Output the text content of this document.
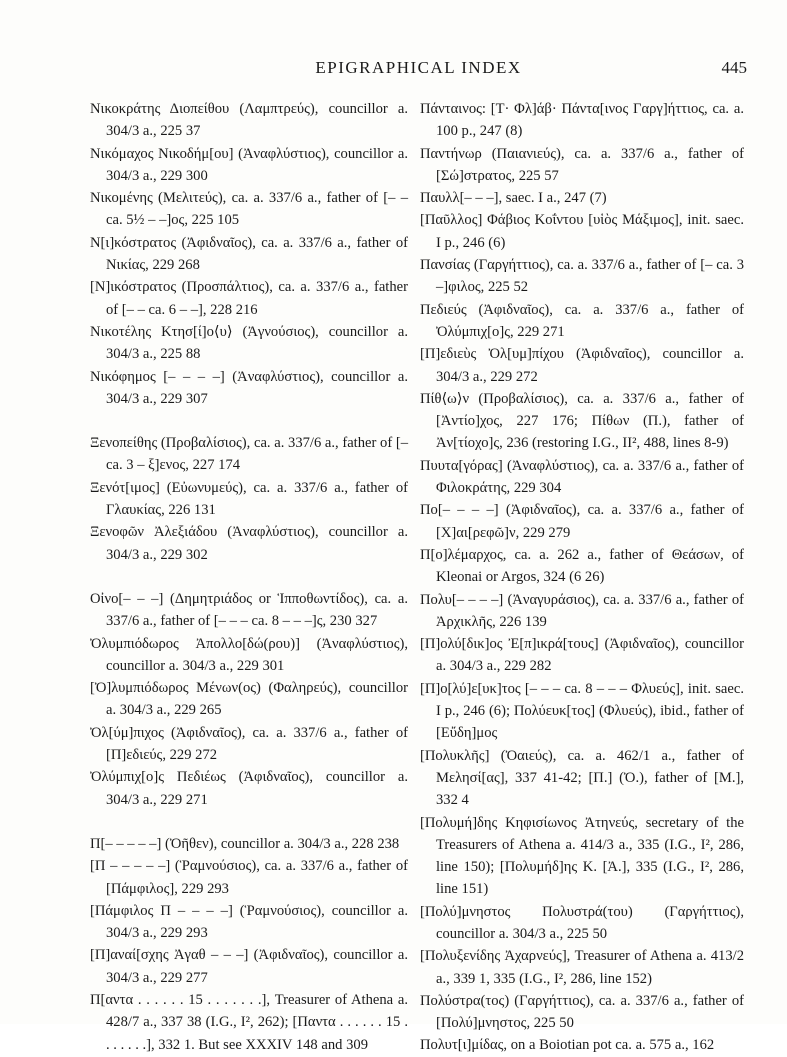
EPIGRAPHICAL INDEX	445

Νικοκράτης Διοπείθου (Λαμπτρεύς), councillor a. 304/3 a., 225 37

Νικόμαχος Νικοδήμ[ου] (Ἀναφλύστιος), councillor a. 304/3 a., 229 300

Νικομένης (Μελιτεύς), ca. a. 337/6 a., father of [– – ca. 5½ – –]ος, 225 105

Ν[ι]κόστρατος (Ἀφιδναῖος), ca. a. 337/6 a., father of Νικίας, 229 268

[Ν]ικόστρατος (Προσπάλτιος), ca. a. 337/6 a., father of [– – ca. 6 – –], 228 216

Νικοτέλης Κτησ[ί]ο⟨υ⟩ (Ἀγνούσιος), councillor a. 304/3 a., 225 88

Νικόφημος [– – – –] (Ἀναφλύστιος), councillor a. 304/3 a., 229 307

Ξενοπείθης (Προβαλίσιος), ca. a. 337/6 a., father of [– ca. 3 – ξ]ενος, 227 174

Ξενότ[ιμος] (Εὐωνυμεύς), ca. a. 337/6 a., father of Γλαυκίας, 226 131

Ξενοφῶν Ἀλεξιάδου (Ἀναφλύστιος), councillor a. 304/3 a., 229 302

Οἰνο[– – –] (Δημητριάδος or Ἱπποθωντίδος), ca. a. 337/6 a., father of [– – – ca. 8 – – –]ς, 230 327

Ὀλυμπιόδωρος Ἀπολλο[δώ(ρου)] (Ἀναφλύστιος), councillor a. 304/3 a., 229 301

[Ὀ]λυμπιόδωρος Μένων(ος) (Φαληρεύς), councillor a. 304/3 a., 229 265

Ὀλ[ύμ]πιχος (Ἀφιδναῖος), ca. a. 337/6 a., father of [Π]εδιεύς, 229 272

Ὀλύμπιχ[ο]ς Πεδιέως (Ἀφιδναῖος), councillor a. 304/3 a., 229 271

Π[– – – – –] (Ὀῆθεν), councillor a. 304/3 a., 228 238

[Π – – – – –] (Ῥαμνούσιος), ca. a. 337/6 a., father of [Πάμφιλος], 229 293

[Πάμφιλος Π – – – –] (Ῥαμνούσιος), councillor a. 304/3 a., 229 293

[Π]αναί[σχης Ἀγαθ – – –] (Ἀφιδναῖος), councillor a. 304/3 a., 229 277

Π[αντα . . . . . . 15 . . . . . . .], Treasurer of Athena a. 428/7 a., 337 38 (I.G., I², 262); [Παντα . . . . . . 15 . . . . . . .], 332 1. But see XXXIV 148 and 309

Πάνταινος: [Τ· Φλ]άβ· Πάντα[ινος Γαργ]ήττιος, ca. a. 100 p., 247 (8)

Παντήνωρ (Παιανιεύς), ca. a. 337/6 a., father of [Σώ]στρατος, 225 57

Παυλλ[– – –], saec. I a., 247 (7)

[Παῦλλος] Φάβιος Κοΐντου [υἱὸς Μάξιμος], init. saec. I p., 246 (6)

Πανσίας (Γαργήττιος), ca. a. 337/6 a., father of [– ca. 3 –]φιλος, 225 52

Πεδιεύς (Ἀφιδναῖος), ca. a. 337/6 a., father of Ὀλύμπιχ[ο]ς, 229 271

[Π]εδιεὺς Ὀλ[υμ]πίχου (Ἀφιδναῖος), councillor a. 304/3 a., 229 272

Πίθ⟨ω⟩ν (Προβαλίσιος), ca. a. 337/6 a., father of [Ἀντίο]χος, 227 176; Πίθων (Π.), father of Ἀν[τίοχο]ς, 236 (restoring I.G., II², 488, lines 8-9)

Πυυτα[γόρας] (Ἀναφλύστιος), ca. a. 337/6 a., father of Φιλοκράτης, 229 304

Πο[– – – –] (Ἀφιδναῖος), ca. a. 337/6 a., father of [Χ]αι[ρεφῶ]ν, 229 279

Π[ο]λέμαρχος, ca. a. 262 a., father of Θεάσων, of Kleonai or Argos, 324 (6 26)

Πολυ[– – – –] (Ἀναγυράσιος), ca. a. 337/6 a., father of Ἀρχικλῆς, 226 139

[Π]ολύ[δικ]ος Ἐ[π]ικρά[τους] (Ἀφιδναῖος), councillor a. 304/3 a., 229 282

[Π]ο[λύ]ε[υκ]τος [– – – ca. 8 – – – Φλυεύς], init. saec. I p., 246 (6); Πολύευκ[τος] (Φλυεύς), ibid., father of [Εὔδη]μος

[Πολυκλῆς] (Ὀαιεύς), ca. a. 462/1 a., father of Μελησί[ας], 337 41-42; [Π.] (Ὀ.), father of [Μ.], 332 4

[Πολυμή]δης Κηφισίωνος Ἀτηνεύς, secretary of the Treasurers of Athena a. 414/3 a., 335 (I.G., I², 286, line 150); [Πολυμήδ]ης Κ. [Ἀ.], 335 (I.G., I², 286, line 151)

[Πολύ]μνηστος Πολυστρά(του) (Γαργήττιος), councillor a. 304/3 a., 225 50

[Πολυξενίδης Ἀχαρνεύς], Treasurer of Athena a. 413/2 a., 339 1, 335 (I.G., I², 286, line 152)

Πολύστρα(τος) (Γαργήττιος), ca. a. 337/6 a., father of [Πολύ]μνηστος, 225 50

Πολυτ[ι]μίδας, on a Boiotian pot ca. a. 575 a., 162
